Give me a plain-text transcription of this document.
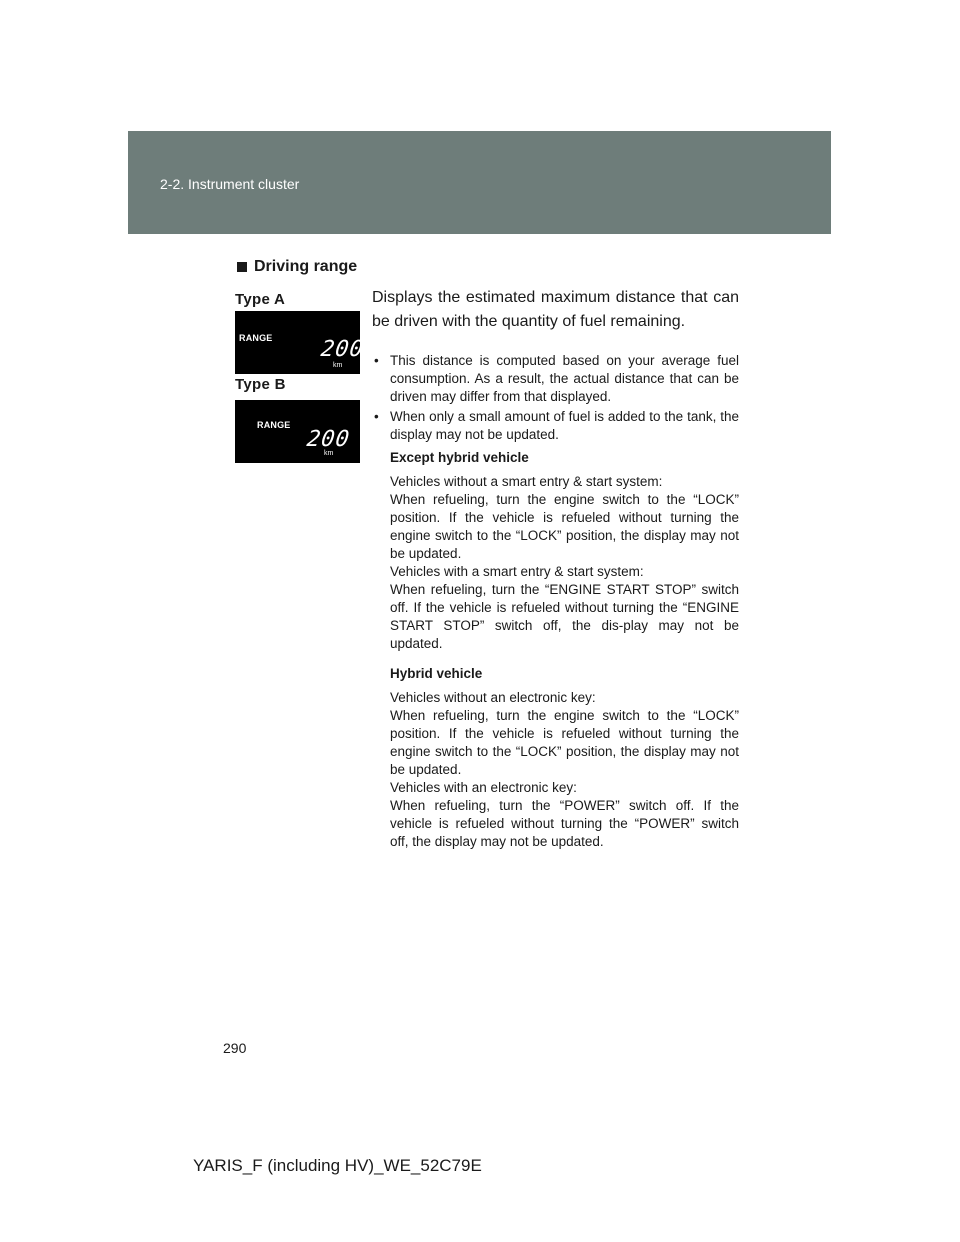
2-2. Instrument cluster
Driving range
Type A
RANGE 200
km
Type B
RANGE
200
km

Displays the estimated maximum distance that can be driven with the quantity of fuel remaining.

• This distance is computed based on your average fuel consumption. As a result, the actual distance that can be driven may differ from that displayed.
• When only a small amount of fuel is added to the tank, the display may not be updated.
Except hybrid vehicle
Vehicles without a smart entry & start system:
When refueling, turn the engine switch to the “LOCK” position. If the vehicle is refueled without turning the engine switch to the “LOCK” position, the display may not be updated.
Vehicles with a smart entry & start system:
When refueling, turn the “ENGINE START STOP” switch off. If the vehicle is refueled without turning the “ENGINE START STOP” switch off, the dis-play may not be updated.
Hybrid vehicle
Vehicles without an electronic key:
When refueling, turn the engine switch to the “LOCK” position. If the vehicle is refueled without turning the engine switch to the “LOCK” position, the display may not be updated.
Vehicles with an electronic key:
When refueling, turn the “POWER” switch off. If the vehicle is refueled without turning the “POWER” switch off, the display may not be updated.
290
YARIS_F (including HV)_WE_52C79E
